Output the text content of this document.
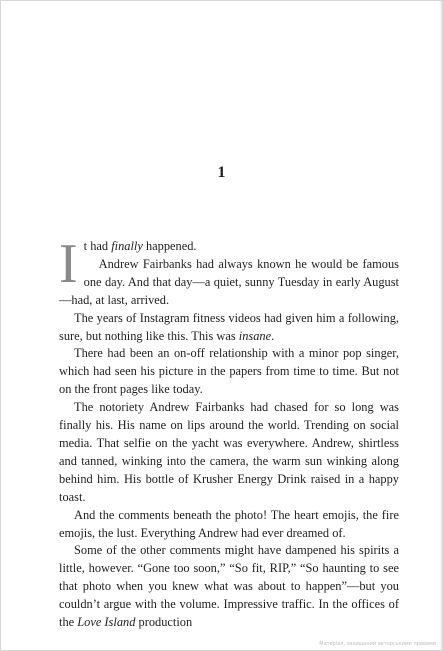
1

It had finally happened.

Andrew Fairbanks had always known he would be famous one day. And that day—a quiet, sunny Tuesday in early August—had, at last, arrived.

The years of Instagram fitness videos had given him a following, sure, but nothing like this. This was insane.

There had been an on-off relationship with a minor pop singer, which had seen his picture in the papers from time to time. But not on the front pages like today.

The notoriety Andrew Fairbanks had chased for so long was finally his. His name on lips around the world. Trending on social media. That selfie on the yacht was everywhere. Andrew, shirtless and tanned, winking into the camera, the warm sun winking along behind him. His bottle of Krusher Energy Drink raised in a happy toast.

And the comments beneath the photo! The heart emojis, the fire emojis, the lust. Everything Andrew had ever dreamed of.

Some of the other comments might have dampened his spirits a little, however. “Gone too soon,” “So fit, RIP,” “So haunting to see that photo when you knew what was about to happen”—but you couldn’t argue with the volume. Impressive traffic. In the offices of the Love Island production

Матеріал, захищений авторськими правами
